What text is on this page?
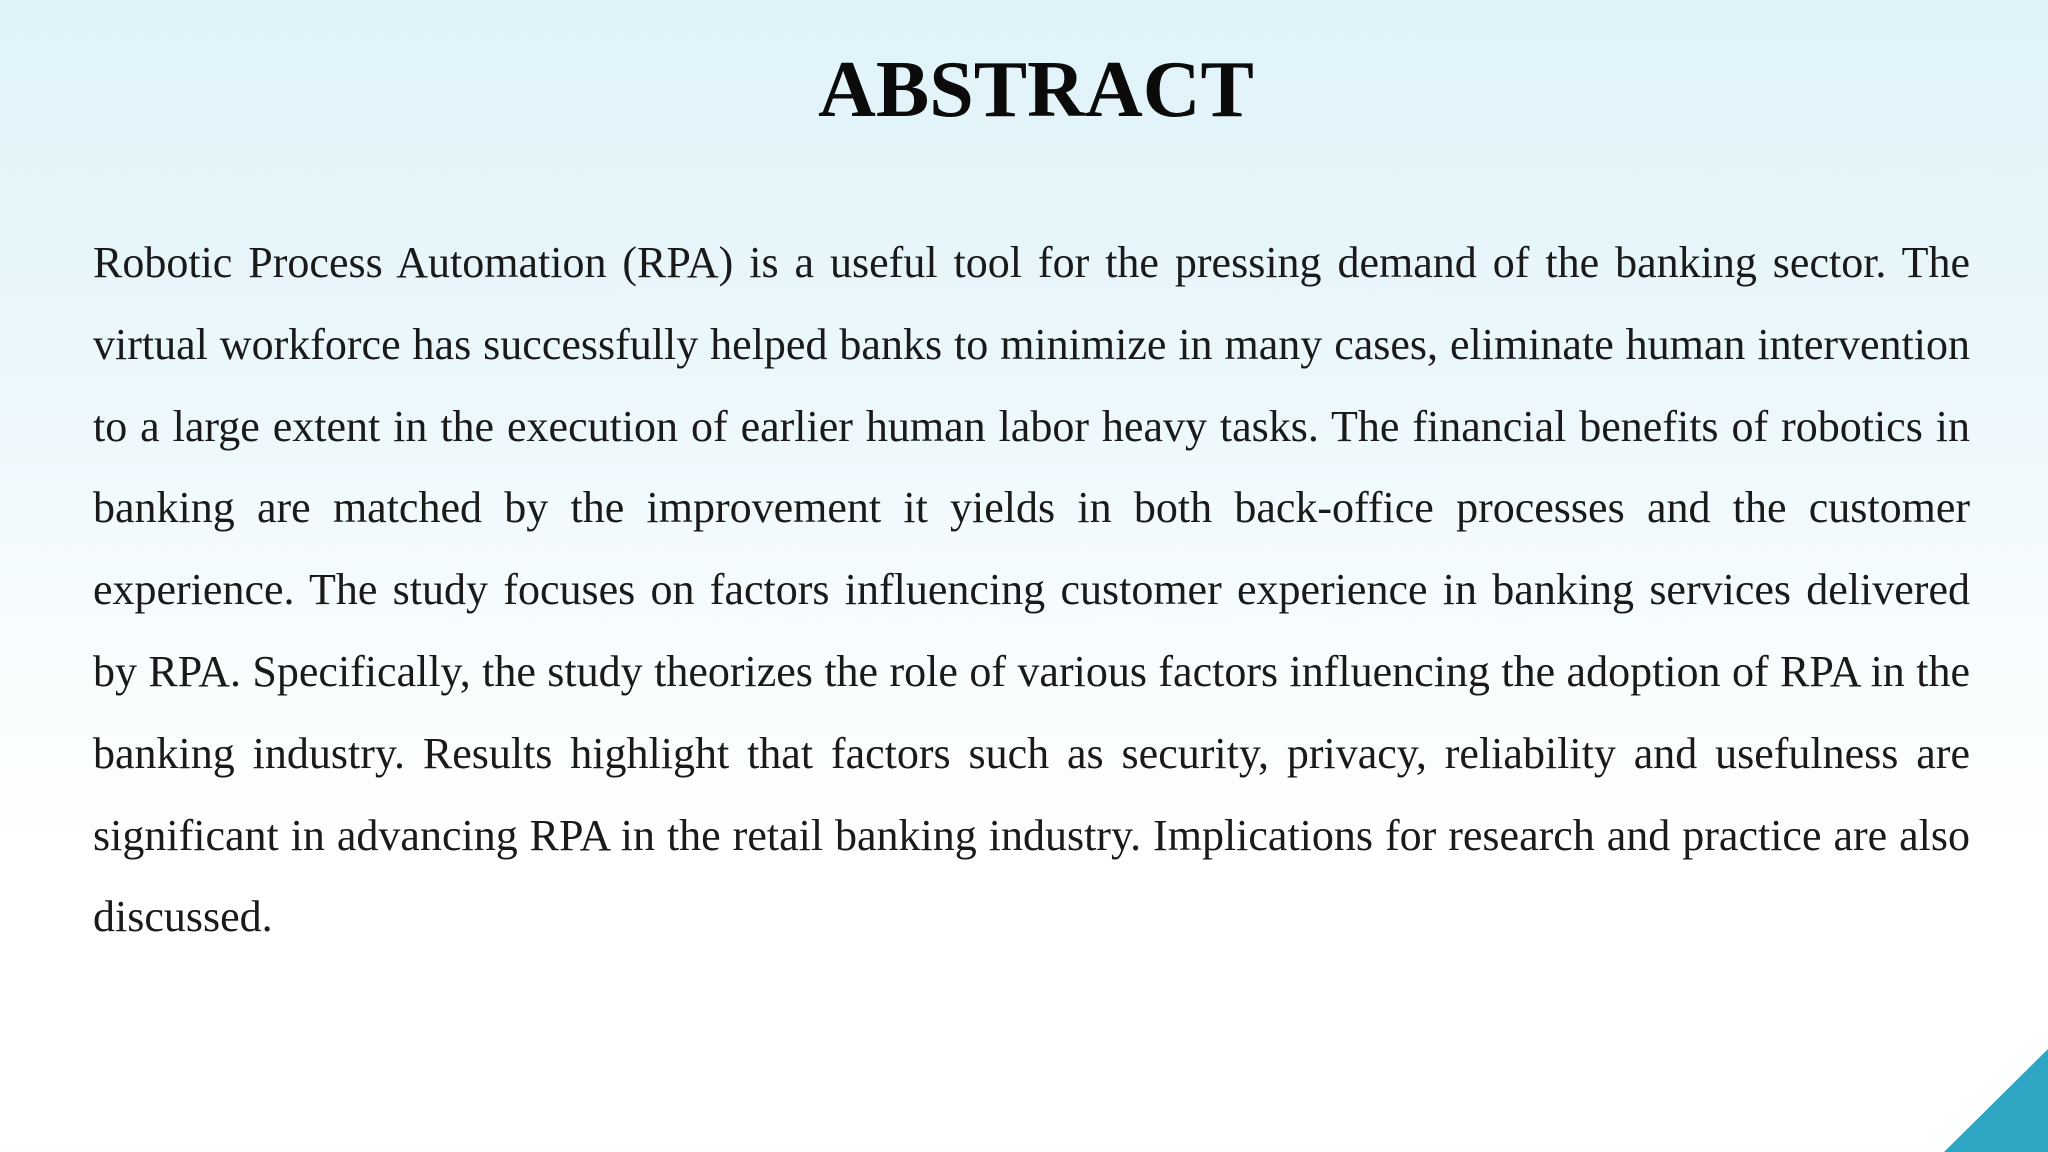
ABSTRACT

Robotic Process Automation (RPA) is a useful tool for the pressing demand of the banking sector. The virtual workforce has successfully helped banks to minimize in many cases, eliminate human intervention to a large extent in the execution of earlier human labor heavy tasks. The financial benefits of robotics in banking are matched by the improvement it yields in both back-office processes and the customer experience. The study focuses on factors influencing customer experience in banking services delivered by RPA. Specifically, the study theorizes the role of various factors influencing the adoption of RPA in the banking industry. Results highlight that factors such as security, privacy, reliability and usefulness are significant in advancing RPA in the retail banking industry. Implications for research and practice are also discussed.
